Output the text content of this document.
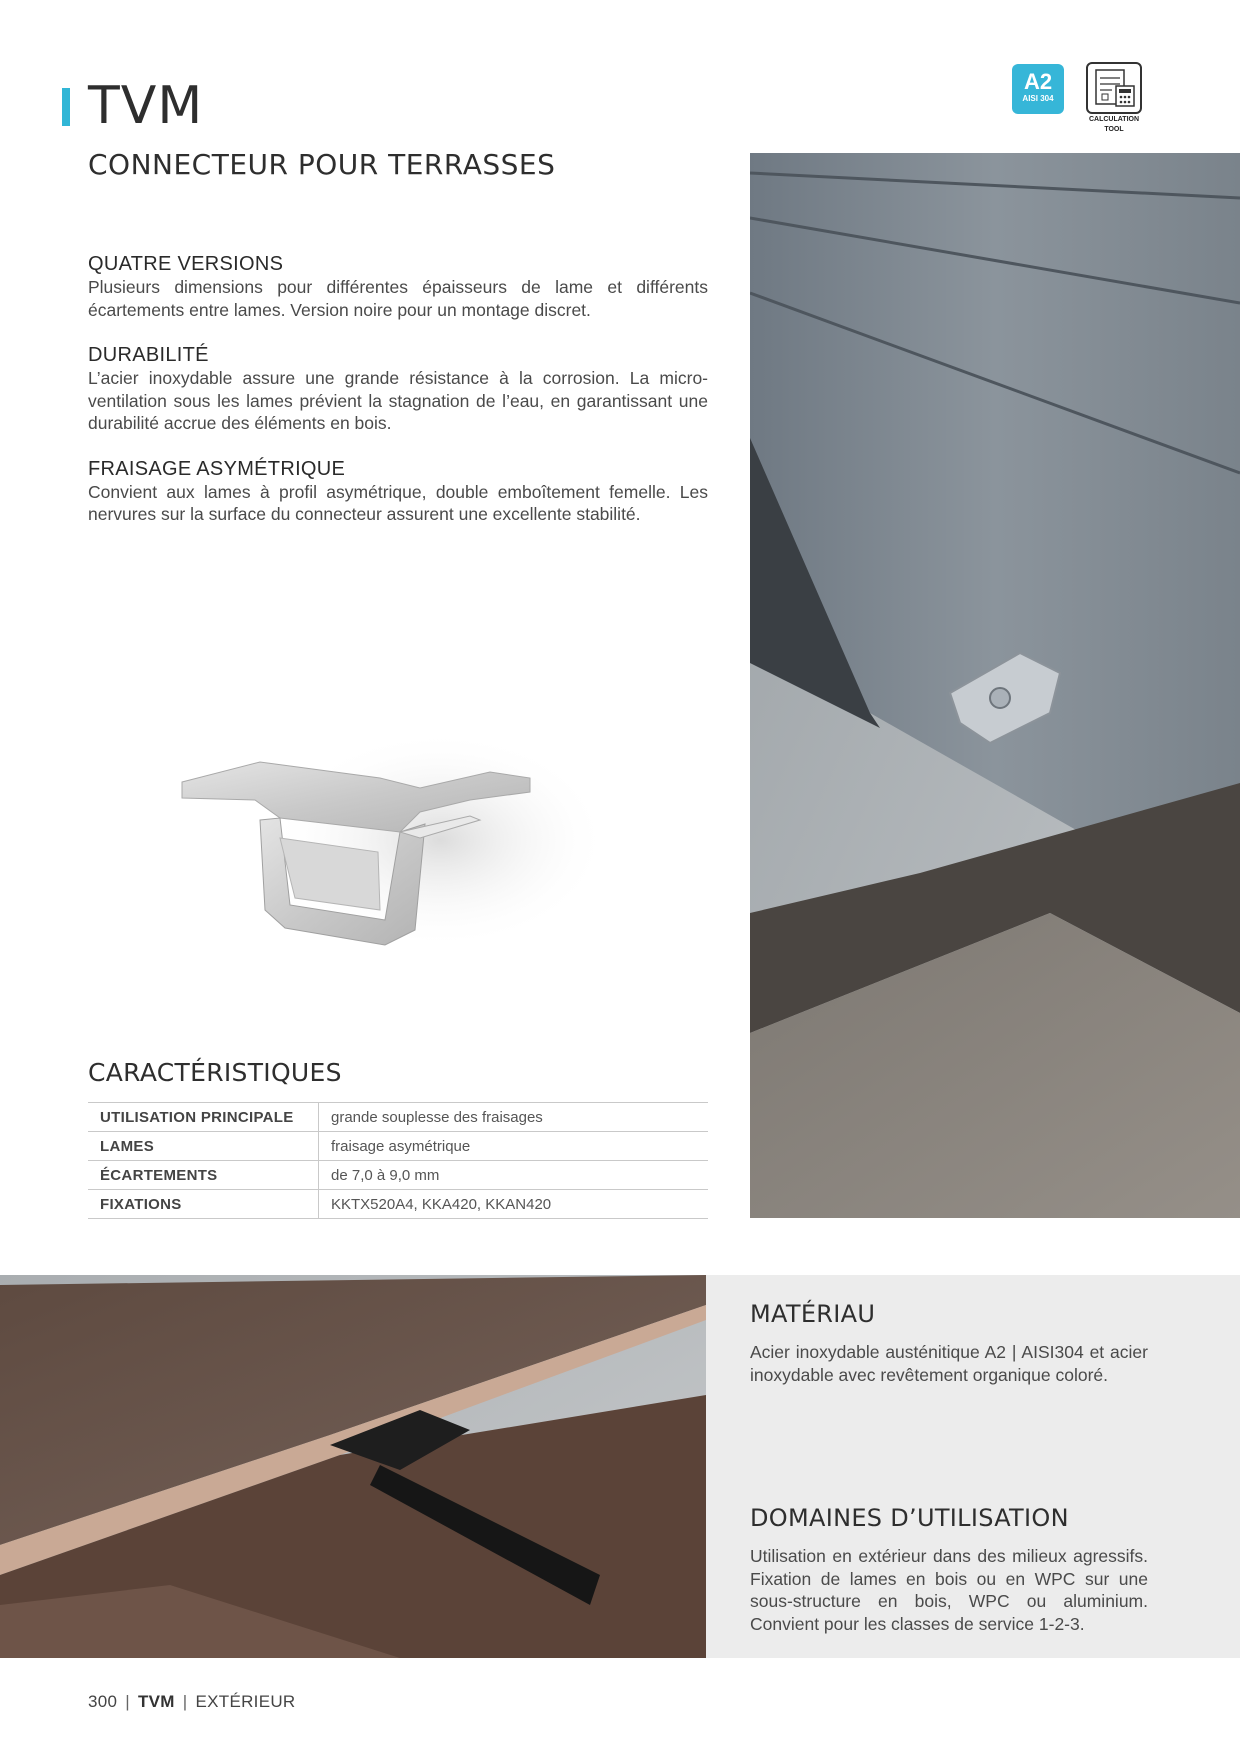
TVM
CONNECTEUR POUR TERRASSES
A2
AISI 304
CALCULATION
TOOL
QUATRE VERSIONS

Plusieurs dimensions pour différentes épaisseurs de lame et différents écartements entre lames. Version noire pour un montage discret.

DURABILITÉ

L’acier inoxydable assure une grande résistance à la corrosion. La micro-ventilation sous les lames prévient la stagnation de l’eau, en garantissant une durabilité accrue des éléments en bois.

FRAISAGE ASYMÉTRIQUE

Convient aux lames à profil asymétrique, double emboîtement femelle. Les nervures sur la surface du connecteur assurent une excellente stabilité.

CARACTÉRISTIQUES
UTILISATION PRINCIPALE	grande souplesse des fraisages
LAMES	fraisage asymétrique
ÉCARTEMENTS	de 7,0 à 9,0 mm
FIXATIONS	KKTX520A4, KKA420, KKAN420
MATÉRIAU
Acier inoxydable austénitique A2 | AISI304 et acier inoxydable avec revêtement organique coloré.
DOMAINES D’UTILISATION
Utilisation en extérieur dans des milieux agressifs. Fixation de lames en bois ou en WPC sur une sous-structure en bois, WPC ou aluminium. Convient pour les classes de service 1-2-3.
300 | TVM | EXTÉRIEUR
